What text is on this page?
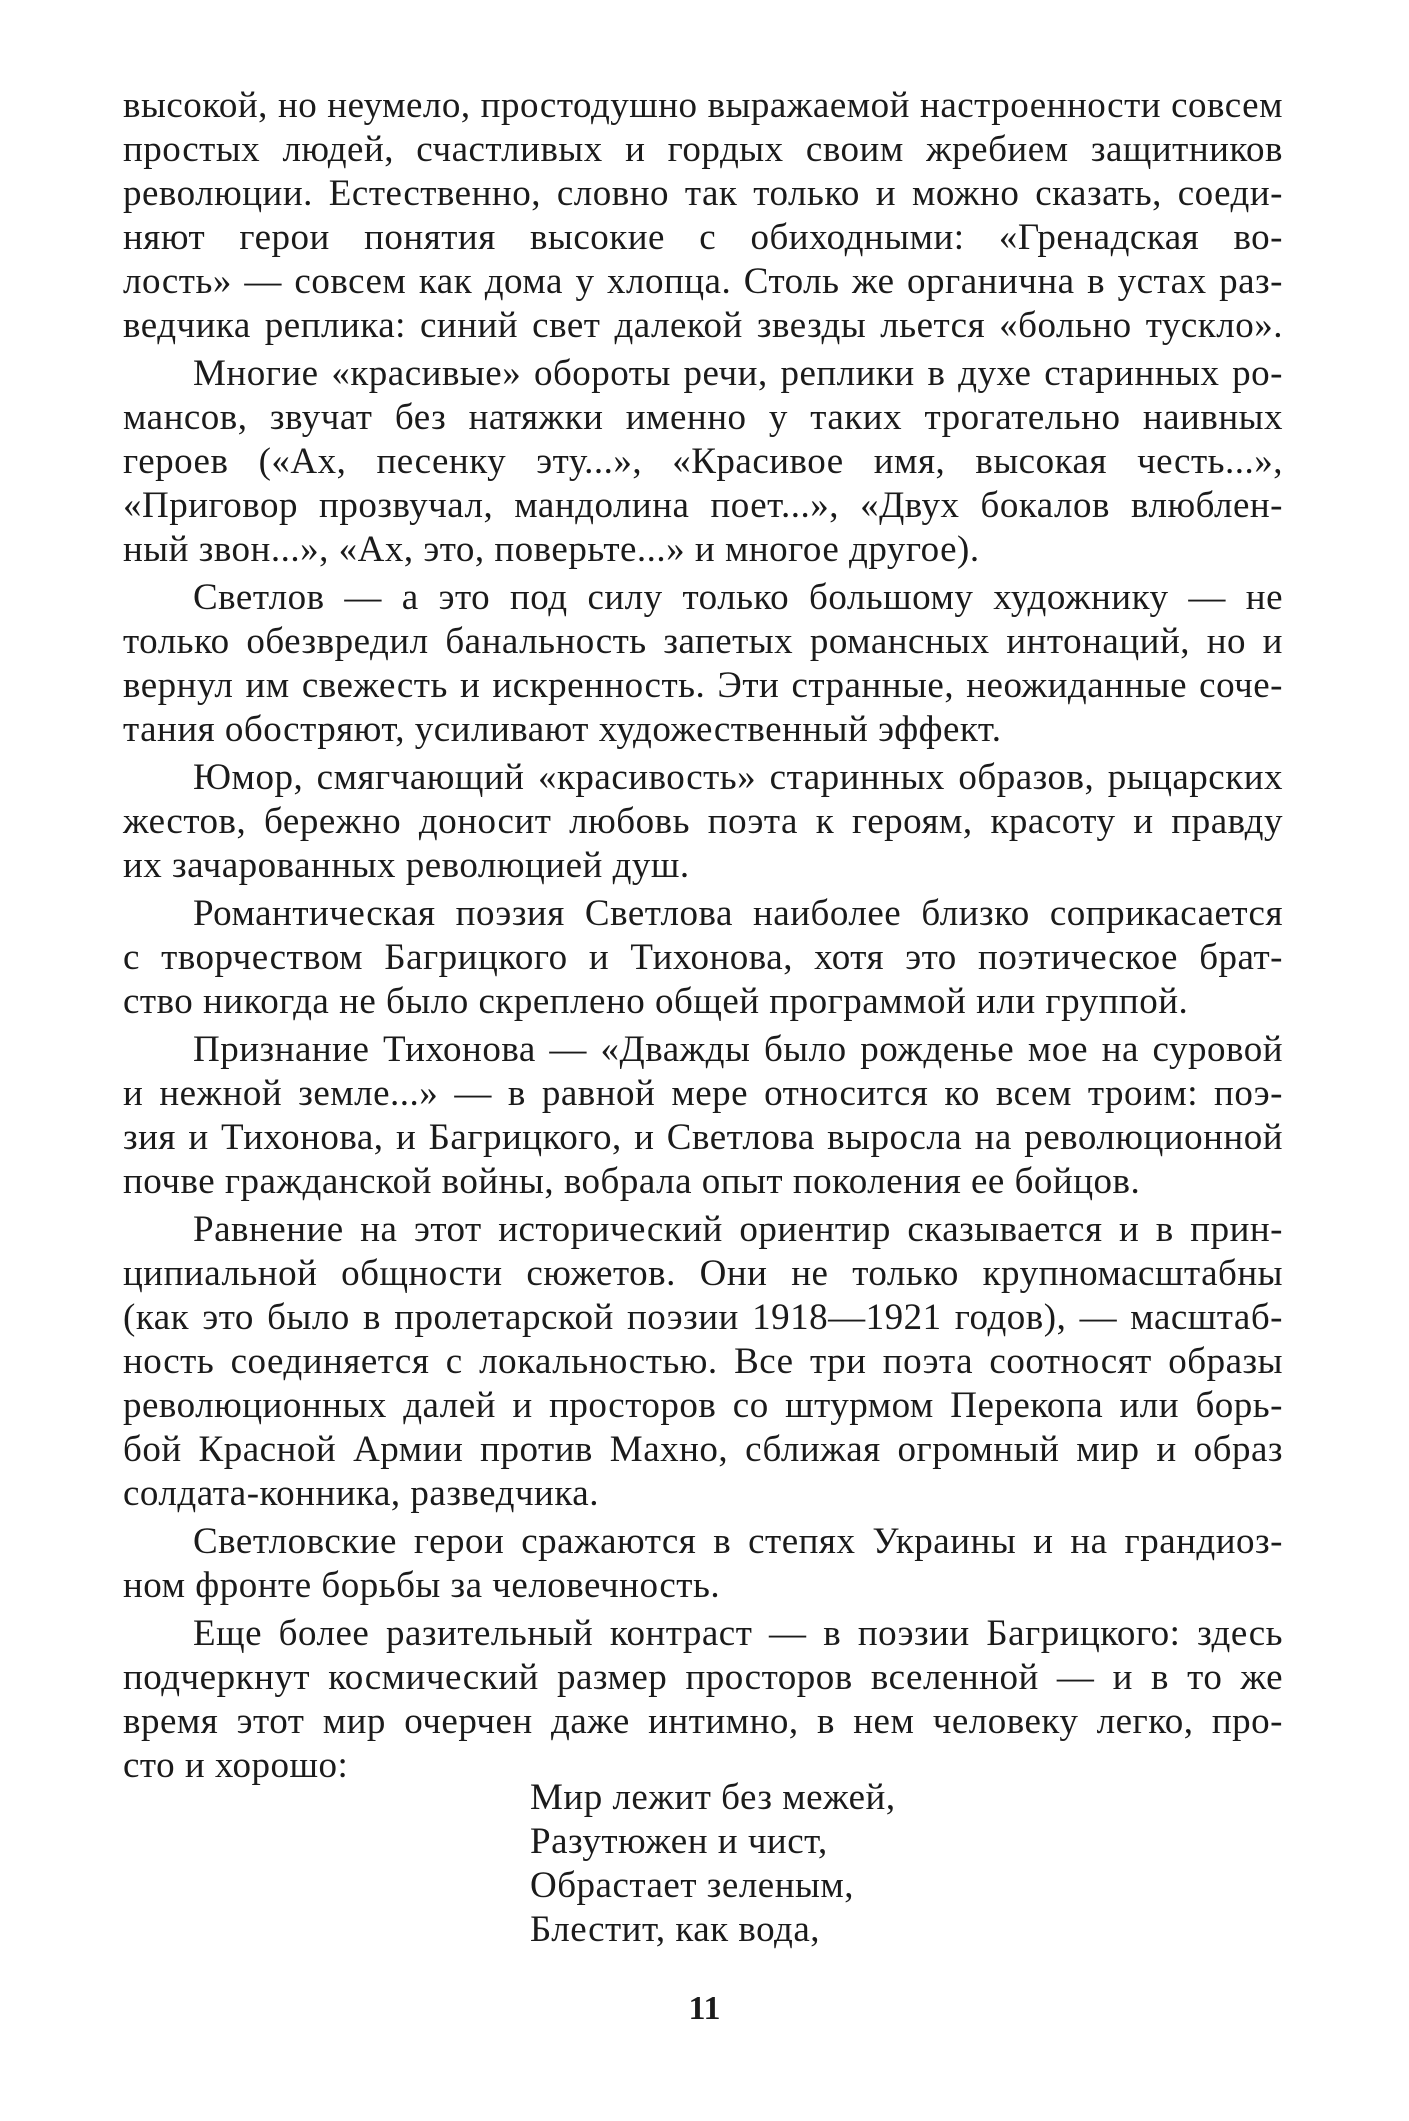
высокой, но неумело, простодушно выражаемой настроенности совсем
простых людей, счастливых и гордых своим жребием защитников
революции. Естественно, словно так только и можно сказать, соеди-
няют герои понятия высокие с обиходными: «Гренадская во-
лость» — совсем как дома у хлопца. Столь же органична в устах раз-
ведчика реплика: синий свет далекой звезды льется «больно тускло».
Многие «красивые» обороты речи, реплики в духе старинных ро-
мансов, звучат без натяжки именно у таких трогательно наивных
героев («Ах, песенку эту...», «Красивое имя, высокая честь...»,
«Приговор прозвучал, мандолина поет...», «Двух бокалов влюблен-
ный звон...», «Ах, это, поверьте...» и многое другое).
Светлов — а это под силу только большому художнику — не
только обезвредил банальность запетых романсных интонаций, но и
вернул им свежесть и искренность. Эти странные, неожиданные соче-
тания обостряют, усиливают художественный эффект.
Юмор, смягчающий «красивость» старинных образов, рыцарских
жестов, бережно доносит любовь поэта к героям, красоту и правду
их зачарованных революцией душ.
Романтическая поэзия Светлова наиболее близко соприкасается
с творчеством Багрицкого и Тихонова, хотя это поэтическое брат-
ство никогда не было скреплено общей программой или группой.
Признание Тихонова — «Дважды было рожденье мое на суровой
и нежной земле...» — в равной мере относится ко всем троим: поэ-
зия и Тихонова, и Багрицкого, и Светлова выросла на революционной
почве гражданской войны, вобрала опыт поколения ее бойцов.
Равнение на этот исторический ориентир сказывается и в прин-
ципиальной общности сюжетов. Они не только крупномасштабны
(как это было в пролетарской поэзии 1918—1921 годов), — масштаб-
ность соединяется с локальностью. Все три поэта соотносят образы
революционных далей и просторов со штурмом Перекопа или борь-
бой Красной Армии против Махно, сближая огромный мир и образ
солдата-конника, разведчика.
Светловские герои сражаются в степях Украины и на грандиоз-
ном фронте борьбы за человечность.
Еще более разительный контраст — в поэзии Багрицкого: здесь
подчеркнут космический размер просторов вселенной — и в то же
время этот мир очерчен даже интимно, в нем человеку легко, про-
сто и хорошо:
Мир лежит без межей,
Разутюжен и чист,
Обрастает зеленым,
Блестит, как вода,
11
